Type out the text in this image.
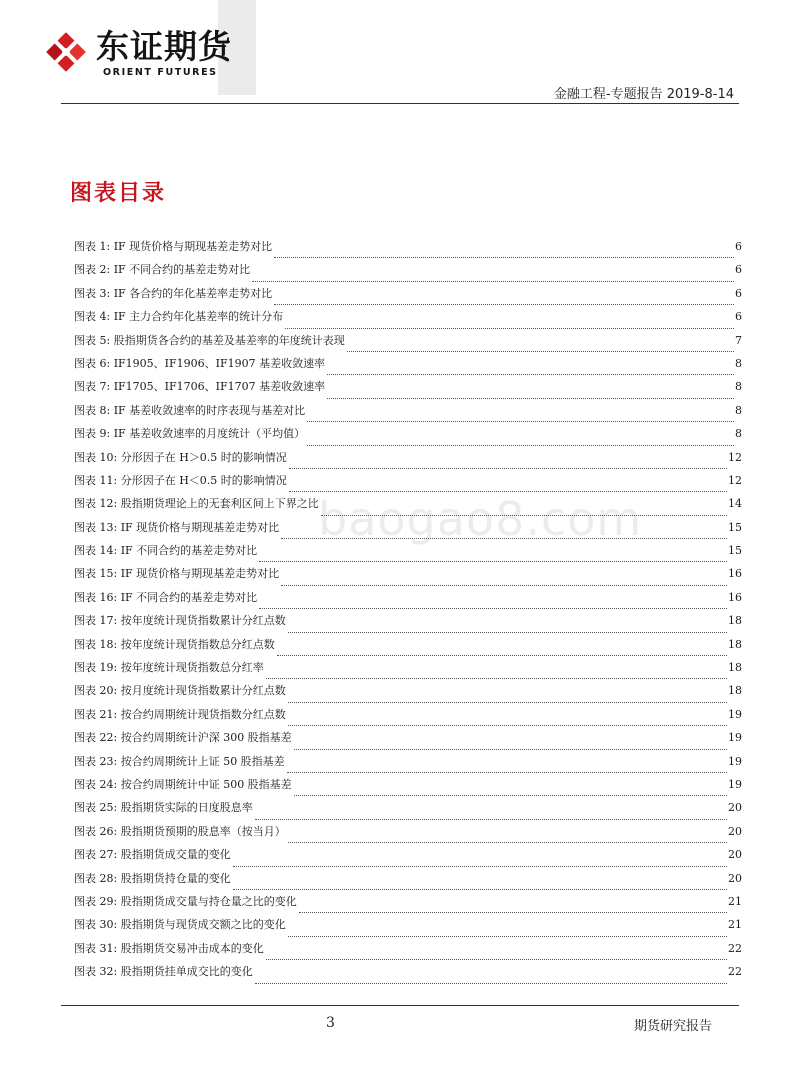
东证期货
ORIENT FUTURES
金融工程-专题报告 2019-8-14
图表目录
baogao8.com
图表 1: IF 现货价格与期现基差走势对比	6
图表 2: IF 不同合约的基差走势对比	6
图表 3: IF 各合约的年化基差率走势对比	6
图表 4: IF 主力合约年化基差率的统计分布	6
图表 5: 股指期货各合约的基差及基差率的年度统计表现	7
图表 6: IF1905、IF1906、IF1907 基差收敛速率	8
图表 7: IF1705、IF1706、IF1707 基差收敛速率	8
图表 8: IF 基差收敛速率的时序表现与基差对比	8
图表 9: IF 基差收敛速率的月度统计（平均值）	8
图表 10: 分形因子在 H＞0.5 时的影响情况	12
图表 11: 分形因子在 H＜0.5 时的影响情况	12
图表 12: 股指期货理论上的无套利区间上下界之比	14
图表 13: IF 现货价格与期现基差走势对比	15
图表 14: IF 不同合约的基差走势对比	15
图表 15: IF 现货价格与期现基差走势对比	16
图表 16: IF 不同合约的基差走势对比	16
图表 17: 按年度统计现货指数累计分红点数	18
图表 18: 按年度统计现货指数总分红点数	18
图表 19: 按年度统计现货指数总分红率	18
图表 20: 按月度统计现货指数累计分红点数	18
图表 21: 按合约周期统计现货指数分红点数	19
图表 22: 按合约周期统计沪深 300 股指基差	19
图表 23: 按合约周期统计上证 50 股指基差	19
图表 24: 按合约周期统计中证 500 股指基差	19
图表 25: 股指期货实际的日度股息率	20
图表 26: 股指期货预期的股息率（按当月）	20
图表 27: 股指期货成交量的变化	20
图表 28: 股指期货持仓量的变化	20
图表 29: 股指期货成交量与持仓量之比的变化	21
图表 30: 股指期货与现货成交额之比的变化	21
图表 31: 股指期货交易冲击成本的变化	22
图表 32: 股指期货挂单成交比的变化	22
3	期货研究报告
